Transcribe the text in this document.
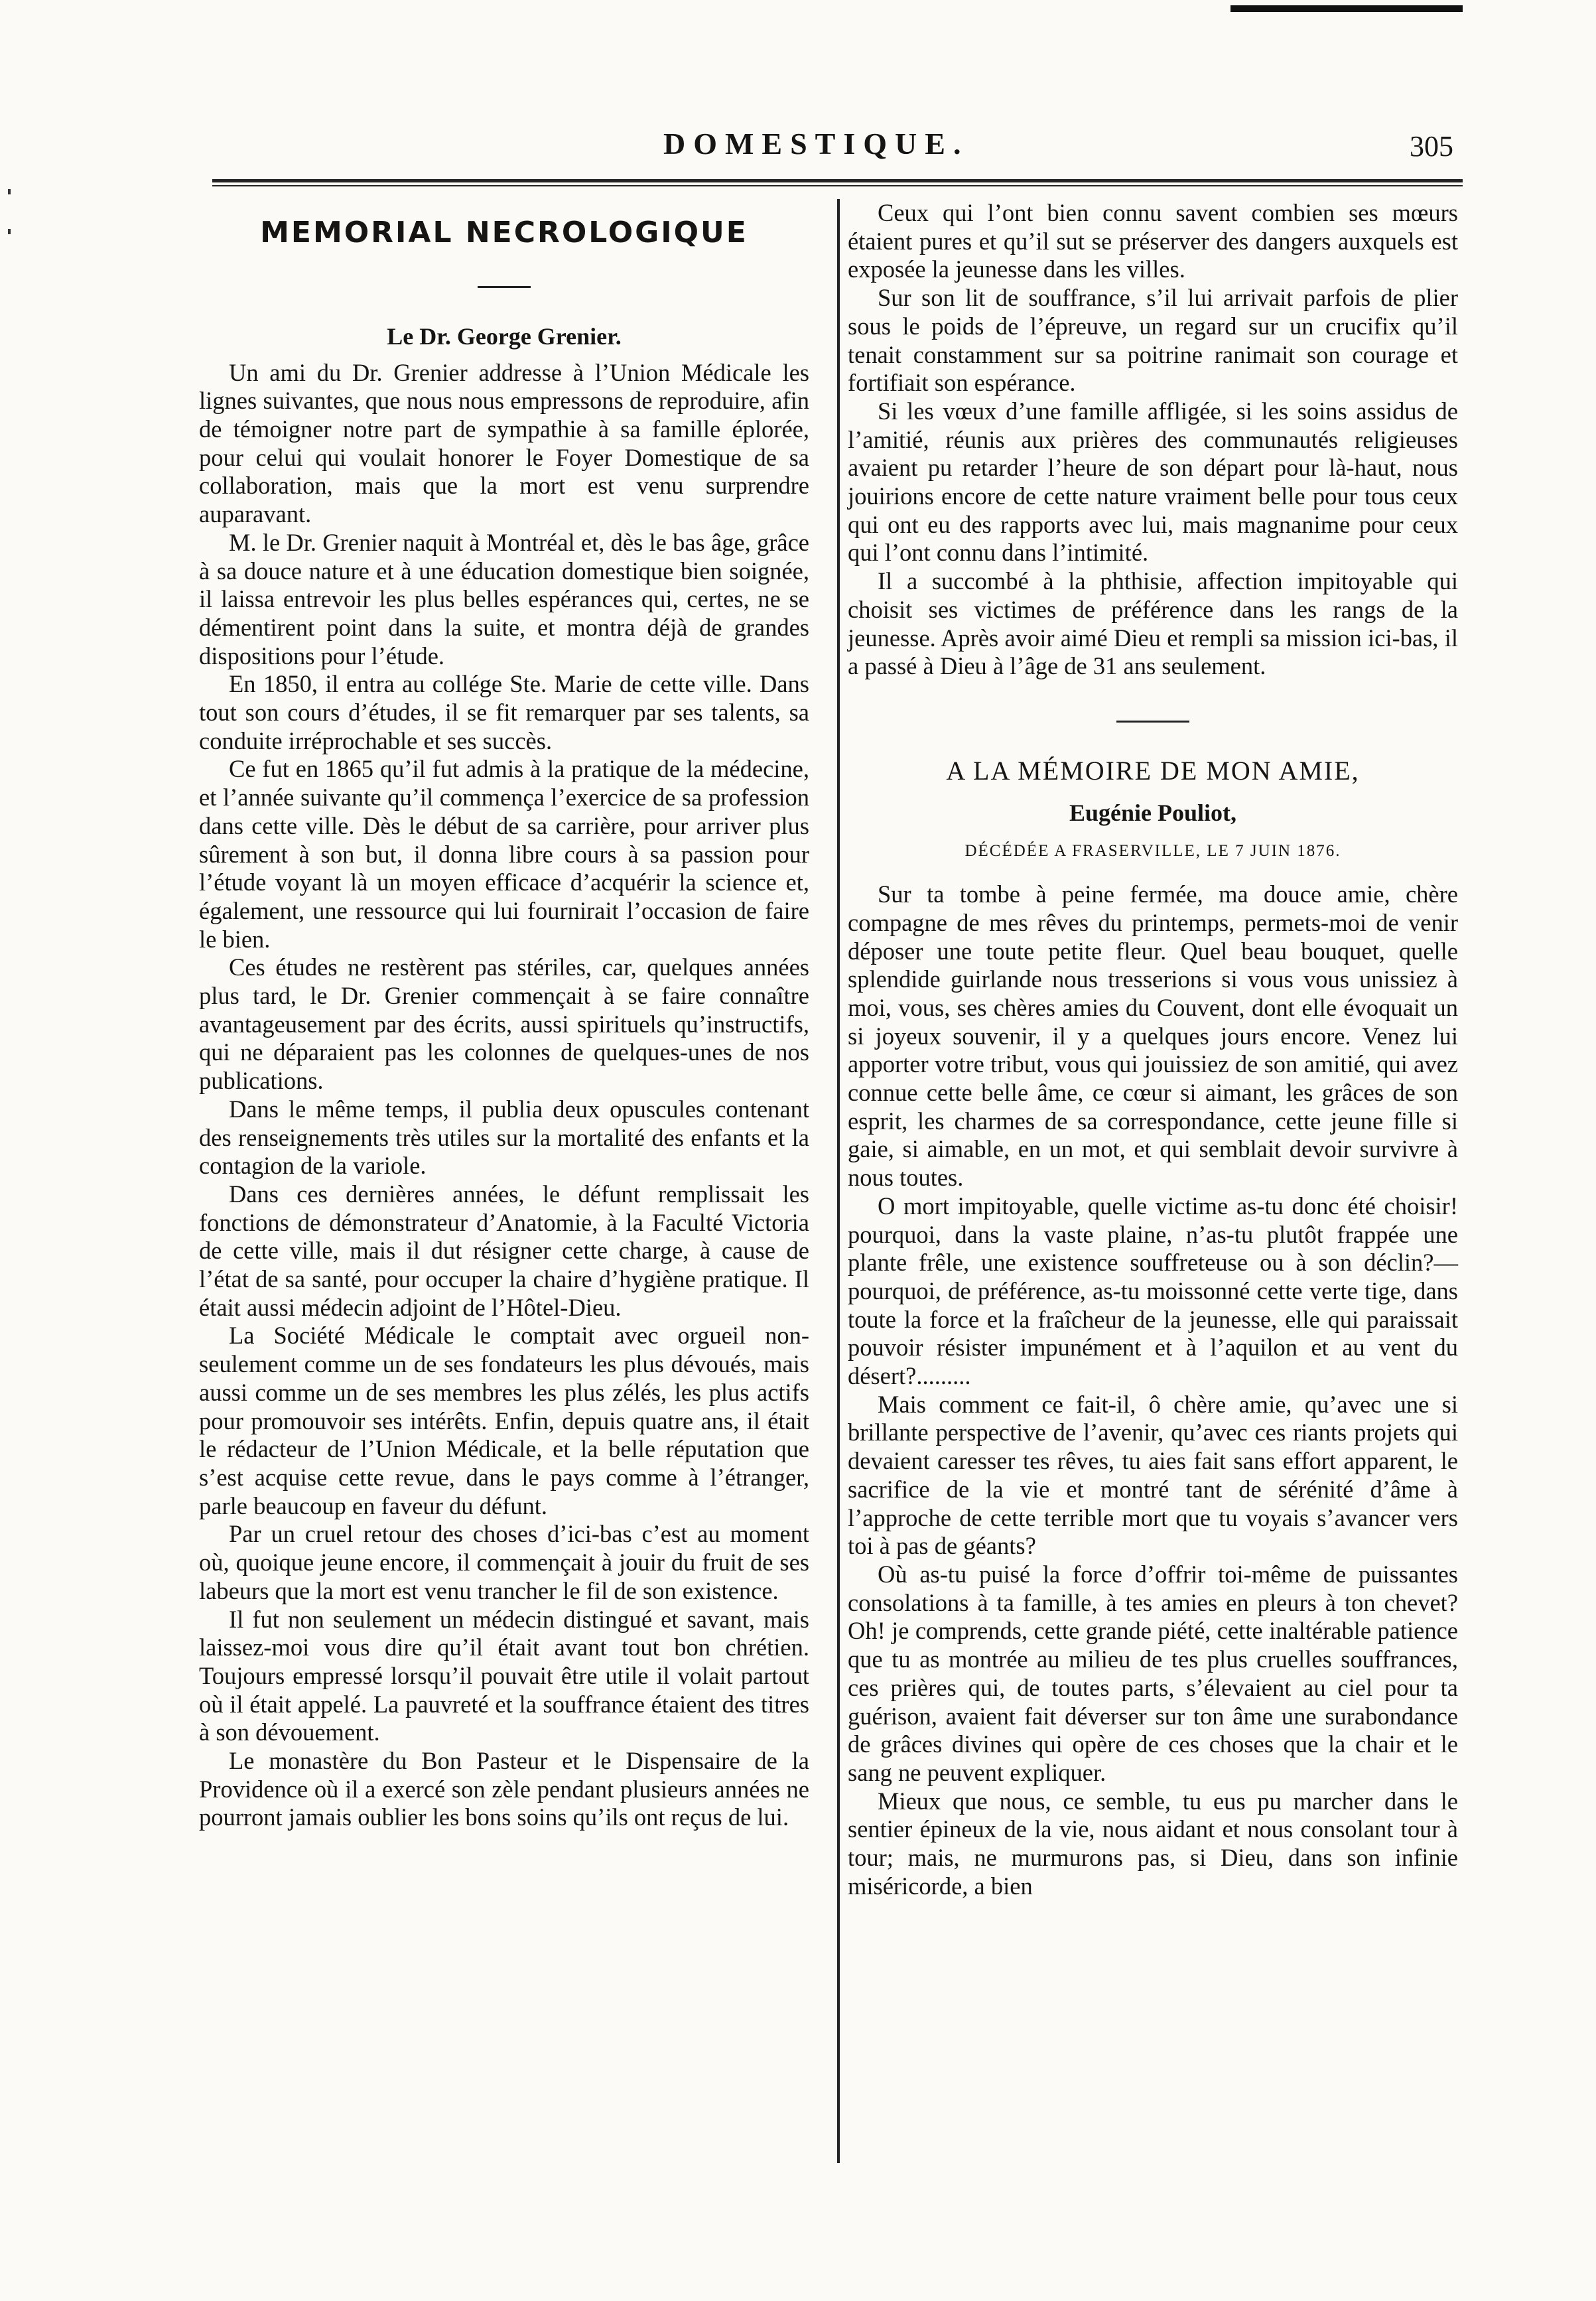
DOMESTIQUE.	305
MEMORIAL NECROLOGIQUE
Le Dr. George Grenier.

Un ami du Dr. Grenier addresse à l’Union Médicale les lignes suivantes, que nous nous empressons de reproduire, afin de témoigner notre part de sympathie à sa famille éplorée, pour celui qui voulait honorer le Foyer Domestique de sa collaboration, mais que la mort est venu surprendre auparavant.

M. le Dr. Grenier naquit à Montréal et, dès le bas âge, grâce à sa douce nature et à une éducation domestique bien soignée, il laissa entrevoir les plus belles espérances qui, certes, ne se démentirent point dans la suite, et montra déjà de grandes dispositions pour l’étude.

En 1850, il entra au collége Ste. Marie de cette ville. Dans tout son cours d’études, il se fit remarquer par ses talents, sa conduite irréprochable et ses succès.

Ce fut en 1865 qu’il fut admis à la pratique de la médecine, et l’année suivante qu’il commença l’exercice de sa profession dans cette ville. Dès le début de sa carrière, pour arriver plus sûrement à son but, il donna libre cours à sa passion pour l’étude voyant là un moyen efficace d’acquérir la science et, également, une ressource qui lui fournirait l’occasion de faire le bien.

Ces études ne restèrent pas stériles, car, quelques années plus tard, le Dr. Grenier commençait à se faire connaître avantageusement par des écrits, aussi spirituels qu’instructifs, qui ne déparaient pas les colonnes de quelques-unes de nos publications.

Dans le même temps, il publia deux opuscules contenant des renseignements très utiles sur la mortalité des enfants et la contagion de la variole.

Dans ces dernières années, le défunt remplissait les fonctions de démonstrateur d’Anatomie, à la Faculté Victoria de cette ville, mais il dut résigner cette charge, à cause de l’état de sa santé, pour occuper la chaire d’hygiène pratique. Il était aussi médecin adjoint de l’Hôtel-Dieu.

La Société Médicale le comptait avec orgueil non-seulement comme un de ses fondateurs les plus dévoués, mais aussi comme un de ses membres les plus zélés, les plus actifs pour promouvoir ses intérêts. Enfin, depuis quatre ans, il était le rédacteur de l’Union Médicale, et la belle réputation que s’est acquise cette revue, dans le pays comme à l’étranger, parle beaucoup en faveur du défunt.

Par un cruel retour des choses d’ici-bas c’est au moment où, quoique jeune encore, il commençait à jouir du fruit de ses labeurs que la mort est venu trancher le fil de son existence.

Il fut non seulement un médecin distingué et savant, mais laissez-moi vous dire qu’il était avant tout bon chrétien. Toujours empressé lorsqu’il pouvait être utile il volait partout où il était appelé. La pauvreté et la souffrance étaient des titres à son dévouement.

Le monastère du Bon Pasteur et le Dispensaire de la Providence où il a exercé son zèle pendant plusieurs années ne pourront jamais oublier les bons soins qu’ils ont reçus de lui.

Ceux qui l’ont bien connu savent combien ses mœurs étaient pures et qu’il sut se préserver des dangers auxquels est exposée la jeunesse dans les villes.

Sur son lit de souffrance, s’il lui arrivait parfois de plier sous le poids de l’épreuve, un regard sur un crucifix qu’il tenait constamment sur sa poitrine ranimait son courage et fortifiait son espérance.

Si les vœux d’une famille affligée, si les soins assidus de l’amitié, réunis aux prières des communautés religieuses avaient pu retarder l’heure de son départ pour là-haut, nous jouirions encore de cette nature vraiment belle pour tous ceux qui ont eu des rapports avec lui, mais magnanime pour ceux qui l’ont connu dans l’intimité.

Il a succombé à la phthisie, affection impitoyable qui choisit ses victimes de préférence dans les rangs de la jeunesse. Après avoir aimé Dieu et rempli sa mission ici-bas, il a passé à Dieu à l’âge de 31 ans seulement.

A LA MÉMOIRE DE MON AMIE,
Eugénie Pouliot,
DÉCÉDÉE A FRASERVILLE, LE 7 JUIN 1876.

Sur ta tombe à peine fermée, ma douce amie, chère compagne de mes rêves du printemps, permets-moi de venir déposer une toute petite fleur. Quel beau bouquet, quelle splendide guirlande nous tresserions si vous vous unissiez à moi, vous, ses chères amies du Couvent, dont elle évoquait un si joyeux souvenir, il y a quelques jours encore. Venez lui apporter votre tribut, vous qui jouissiez de son amitié, qui avez connue cette belle âme, ce cœur si aimant, les grâces de son esprit, les charmes de sa correspondance, cette jeune fille si gaie, si aimable, en un mot, et qui semblait devoir survivre à nous toutes.

O mort impitoyable, quelle victime as-tu donc été choisir! pourquoi, dans la vaste plaine, n’as-tu plutôt frappée une plante frêle, une existence souffreteuse ou à son déclin?—pourquoi, de préférence, as-tu moissonné cette verte tige, dans toute la force et la fraîcheur de la jeunesse, elle qui paraissait pouvoir résister impunément et à l’aquilon et au vent du désert?.........

Mais comment ce fait-il, ô chère amie, qu’avec une si brillante perspective de l’avenir, qu’avec ces riants projets qui devaient caresser tes rêves, tu aies fait sans effort apparent, le sacrifice de la vie et montré tant de sérénité d’âme à l’approche de cette terrible mort que tu voyais s’avancer vers toi à pas de géants?

Où as-tu puisé la force d’offrir toi-même de puissantes consolations à ta famille, à tes amies en pleurs à ton chevet? Oh! je comprends, cette grande piété, cette inaltérable patience que tu as montrée au milieu de tes plus cruelles souffrances, ces prières qui, de toutes parts, s’élevaient au ciel pour ta guérison, avaient fait déverser sur ton âme une surabondance de grâces divines qui opère de ces choses que la chair et le sang ne peuvent expliquer.

Mieux que nous, ce semble, tu eus pu marcher dans le sentier épineux de la vie, nous aidant et nous consolant tour à tour; mais, ne murmurons pas, si Dieu, dans son infinie miséricorde, a bien
